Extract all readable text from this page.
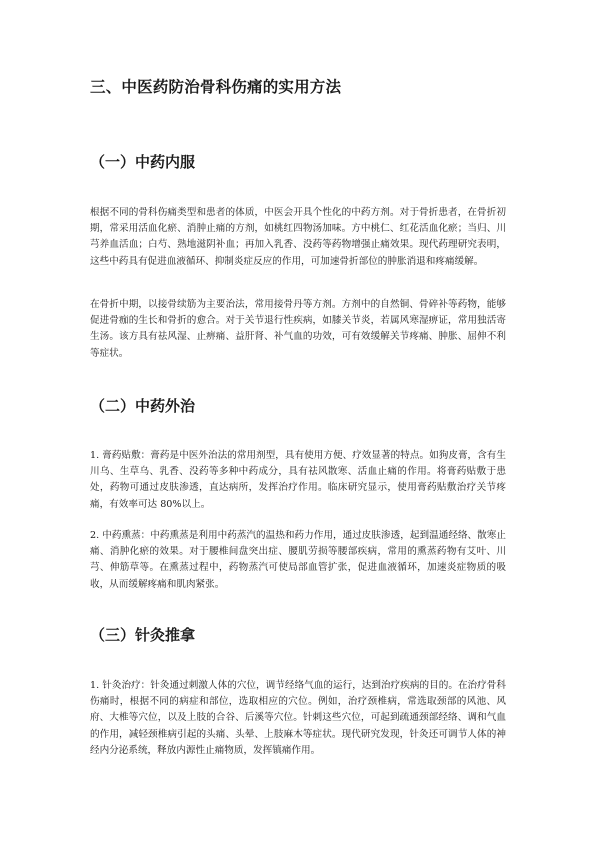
三、中医药防治骨科伤痛的实用方法
（一）中药内服
根据不同的骨科伤痛类型和患者的体质，中医会开具个性化的中药方剂。对于骨折患者，在骨折初期，常采用活血化瘀、消肿止痛的方剂，如桃红四物汤加味。方中桃仁、红花活血化瘀；当归、川芎养血活血；白芍、熟地滋阴补血；再加入乳香、没药等药物增强止痛效果。现代药理研究表明，这些中药具有促进血液循环、抑制炎症反应的作用，可加速骨折部位的肿胀消退和疼痛缓解。
在骨折中期，以接骨续筋为主要治法，常用接骨丹等方剂。方剂中的自然铜、骨碎补等药物，能够促进骨痂的生长和骨折的愈合。对于关节退行性疾病，如膝关节炎，若属风寒湿痹证，常用独活寄生汤。该方具有祛风湿、止痹痛、益肝肾、补气血的功效，可有效缓解关节疼痛、肿胀、屈伸不利等症状。
（二）中药外治
1. 膏药贴敷：膏药是中医外治法的常用剂型，具有使用方便、疗效显著的特点。如狗皮膏，含有生川乌、生草乌、乳香、没药等多种中药成分，具有祛风散寒、活血止痛的作用。将膏药贴敷于患处，药物可通过皮肤渗透，直达病所，发挥治疗作用。临床研究显示，使用膏药贴敷治疗关节疼痛，有效率可达 80%以上。
2. 中药熏蒸：中药熏蒸是利用中药蒸汽的温热和药力作用，通过皮肤渗透，起到温通经络、散寒止痛、消肿化瘀的效果。对于腰椎间盘突出症、腰肌劳损等腰部疾病，常用的熏蒸药物有艾叶、川芎、伸筋草等。在熏蒸过程中，药物蒸汽可使局部血管扩张，促进血液循环，加速炎症物质的吸收，从而缓解疼痛和肌肉紧张。
（三）针灸推拿
1. 针灸治疗：针灸通过刺激人体的穴位，调节经络气血的运行，达到治疗疾病的目的。在治疗骨科伤痛时，根据不同的病症和部位，选取相应的穴位。例如，治疗颈椎病，常选取颈部的风池、风府、大椎等穴位，以及上肢的合谷、后溪等穴位。针刺这些穴位，可起到疏通颈部经络、调和气血的作用，减轻颈椎病引起的头痛、头晕、上肢麻木等症状。现代研究发现，针灸还可调节人体的神经内分泌系统，释放内源性止痛物质，发挥镇痛作用。
